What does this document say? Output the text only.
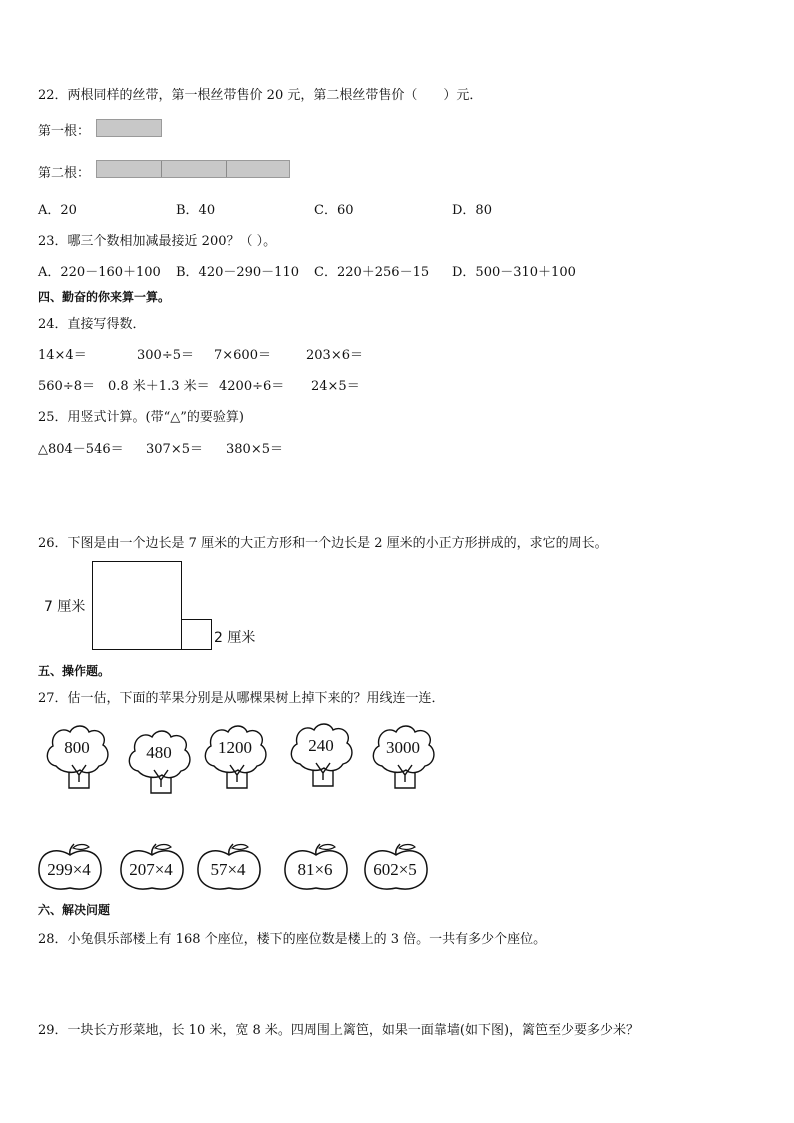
22．两根同样的丝带，第一根丝带售价 20 元，第二根丝带售价（　　）元．
第一根：
第二根：
A．20	B．40	C．60	D．80
23．哪三个数相加减最接近 200？（ ）。
A．220－160＋100 B．420－290－110 C．220＋256－15 D．500－310＋100
四、勤奋的你来算一算。
24．直接写得数．
14×4＝	300÷5＝ 7×600＝	203×6＝
560÷8＝ 0.8 米＋1.3 米＝ 4200÷6＝ 24×5＝
25．用竖式计算。(带“△”的要验算)
△804－546＝ 307×5＝ 380×5＝
26．下图是由一个边长是 7 厘米的大正方形和一个边长是 2 厘米的小正方形拼成的，求它的周长。
7 厘米
2 厘米
五、操作题。
27．估一估，下面的苹果分别是从哪棵果树上掉下来的？用线连一连．
800	480	1200	240	3000
299×4	207×4	57×4	81×6	602×5
六、解决问题
28．小兔俱乐部楼上有 168 个座位，楼下的座位数是楼上的 3 倍。一共有多少个座位。
29．一块长方形菜地，长 10 米，宽 8 米。四周围上篱笆，如果一面靠墙(如下图)，篱笆至少要多少米？
